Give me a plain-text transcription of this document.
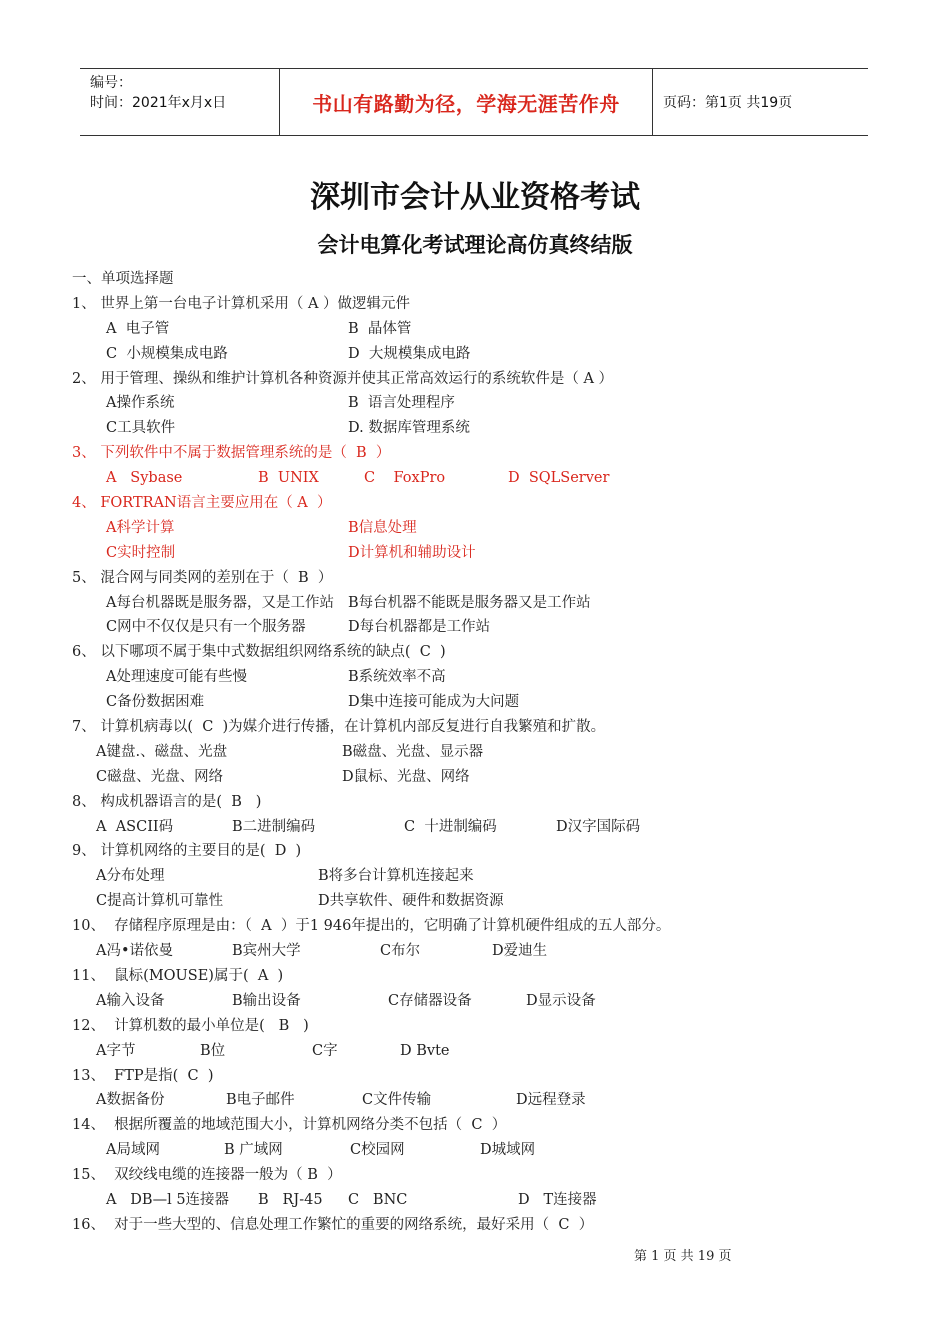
编号：
时间：2021年x月x日	书山有路勤为径，学海无涯苦作舟	页码：第1页 共19页
深圳市会计从业资格考试
会计电算化考试理论高仿真终结版
一、单项选择题
1、 世界上第一台电子计算机采用（ A ）做逻辑元件
A  电子管	B  晶体管
C  小规模集成电路	D  大规模集成电路
2、 用于管理、操纵和维护计算机各种资源并使其正常高效运行的系统软件是（ A ）
A操作系统	B  语言处理程序
C工具软件	D. 数据库管理系统
3、 下列软件中不属于数据管理系统的是（  B  ）
A   Sybase	B  UNIX	C    FoxPro	D  SQLServer
4、 FORTRAN语言主要应用在（ A  ）
A科学计算	B信息处理
C实时控制	D计算机和辅助设计
5、 混合网与同类网的差别在于（  B  ）
A每台机器既是服务器，又是工作站 B每台机器不能既是服务器又是工作站
C网中不仅仅是只有一个服务器	D每台机器都是工作站
6、 以下哪项不属于集中式数据组织网络系统的缺点(  C  )
A处理速度可能有些慢	B系统效率不高
C备份数据困难	D集中连接可能成为大问题
7、 计算机病毒以(  C  )为媒介进行传播，在计算机内部反复进行自我繁殖和扩散。
A键盘.、磁盘、光盘	B磁盘、光盘、显示器
C磁盘、光盘、网络	D鼠标、光盘、网络
8、 构成机器语言的是(  B   )
A  ASCII码	B二进制编码	C  十进制编码	D汉字国际码
9、 计算机网络的主要目的是(  D  )
A分布处理	B将多台计算机连接起来
C提高计算机可靠性	D共享软件、硬件和数据资源
10、  存储程序原理是由：（  A  ）于1 946年提出的，它明确了计算机硬件组成的五人部分。
A冯•诺依曼	B宾州大学	C布尔	D爱迪生
11、  鼠标(MOUSE)属于(  A  )
A输入设备	B输出设备	C存储器设备	D显示设备
12、  计算机数的最小单位是(   B   )
A字节	B位	C字	D Bvte
13、  FTP是指(  C  )
A数据备份	B电子邮件	C文件传输	D远程登录
14、  根据所覆盖的地域范围大小，计算机网络分类不包括（  C  ）
A局域网	B 广域网	C校园网	D城域网
15、  双绞线电缆的连接器一般为（ B  ）
A   DB—l 5连接器 B   RJ-45 C   BNC	D   T连接器
16、  对于一些大型的、信息处理工作繁忙的重要的网络系统，最好采用（  C  ）
第 1 页 共 19 页
